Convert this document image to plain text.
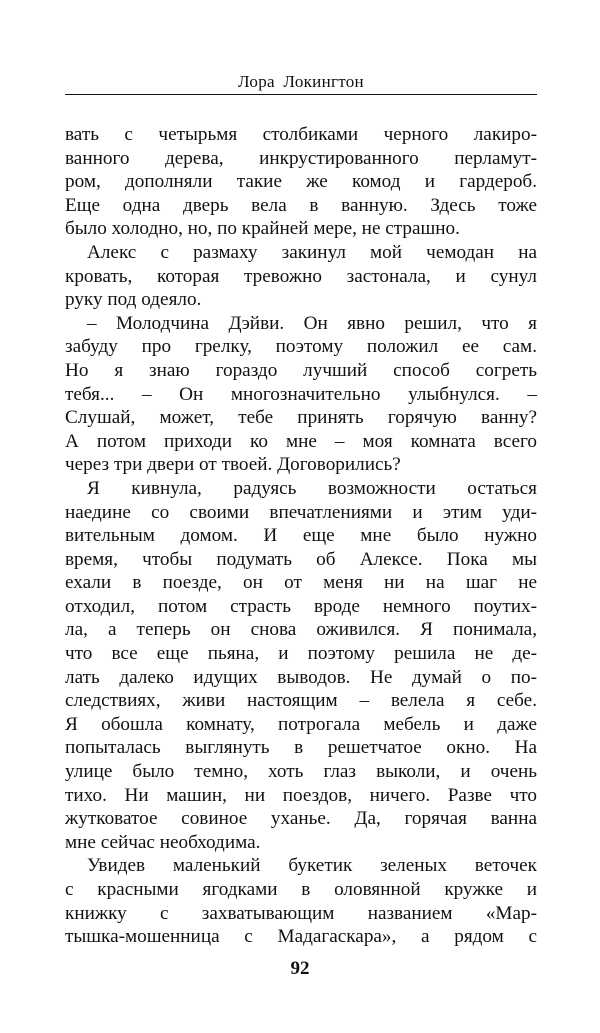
Лора Локингтон
вать с четырьмя столбиками черного лакиро-
ванного дерева, инкрустированного перламут-
ром, дополняли такие же комод и гардероб.
Еще одна дверь вела в ванную. Здесь тоже
было холодно, но, по крайней мере, не страшно.
Алекс с размаху закинул мой чемодан на
кровать, которая тревожно застонала, и сунул
руку под одеяло.
– Молодчина Дэйви. Он явно решил, что я
забуду про грелку, поэтому положил ее сам.
Но я знаю гораздо лучший способ согреть
тебя... – Он многозначительно улыбнулся. –
Слушай, может, тебе принять горячую ванну?
А потом приходи ко мне – моя комната всего
через три двери от твоей. Договорились?
Я кивнула, радуясь возможности остаться
наедине со своими впечатлениями и этим уди-
вительным домом. И еще мне было нужно
время, чтобы подумать об Алексе. Пока мы
ехали в поезде, он от меня ни на шаг не
отходил, потом страсть вроде немного поутих-
ла, а теперь он снова оживился. Я понимала,
что все еще пьяна, и поэтому решила не де-
лать далеко идущих выводов. Не думай о по-
следствиях, живи настоящим – велела я себе.
Я обошла комнату, потрогала мебель и даже
попыталась выглянуть в решетчатое окно. На
улице было темно, хоть глаз выколи, и очень
тихо. Ни машин, ни поездов, ничего. Разве что
жутковатое совиное уханье. Да, горячая ванна
мне сейчас необходима.
Увидев маленький букетик зеленых веточек
с красными ягодками в оловянной кружке и
книжку с захватывающим названием «Мар-
тышка-мошенница с Мадагаскара», а рядом с
92
